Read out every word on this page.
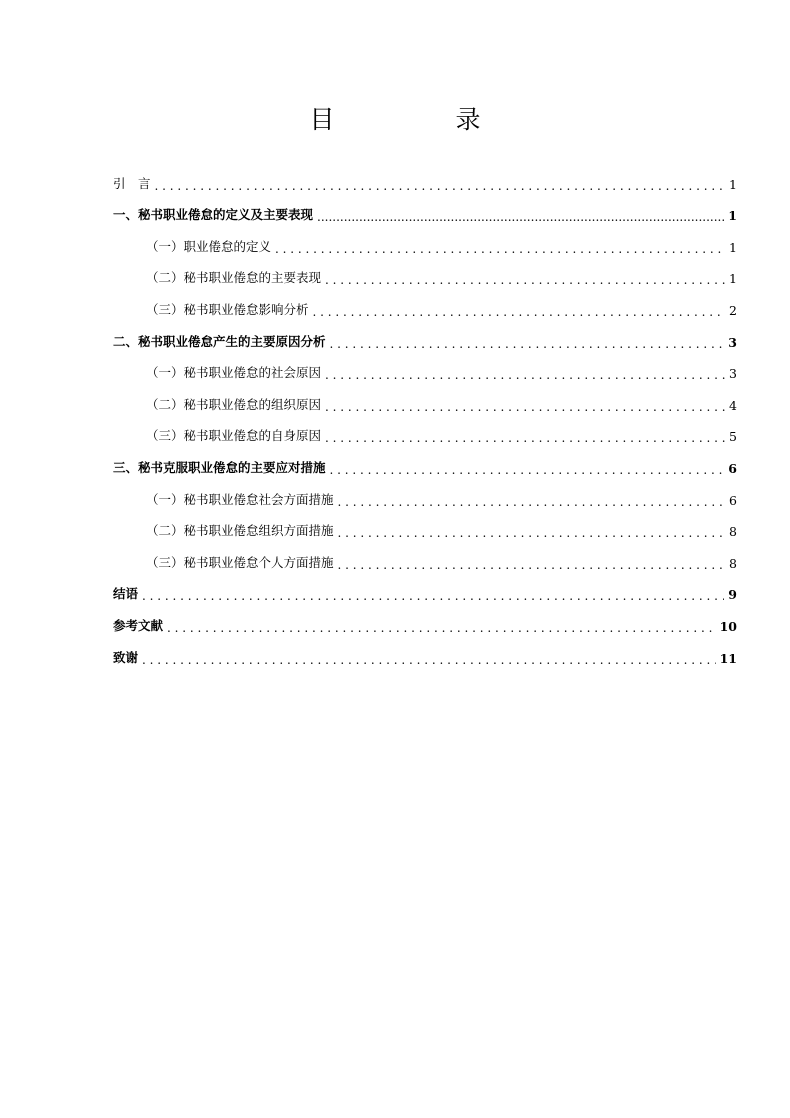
目　录
引　言 . . .	1
一、秘书职业倦怠的定义及主要表现 .....	1
（一）职业倦怠的定义 . . .	1
（二）秘书职业倦怠的主要表现 . . .	1
（三）秘书职业倦怠影响分析 . . .	2
二、秘书职业倦怠产生的主要原因分析 . . .	3
（一）秘书职业倦怠的社会原因 . . .	3
（二）秘书职业倦怠的组织原因 . . .	4
（三）秘书职业倦怠的自身原因 . . .	5
三、秘书克服职业倦怠的主要应对措施 . . .	6
（一）秘书职业倦怠社会方面措施 . . .	6
（二）秘书职业倦怠组织方面措施 . . .	8
（三）秘书职业倦怠个人方面措施 . . .	8
结语 . . .	9
参考文献 . . .	10
致谢 . . .	11
